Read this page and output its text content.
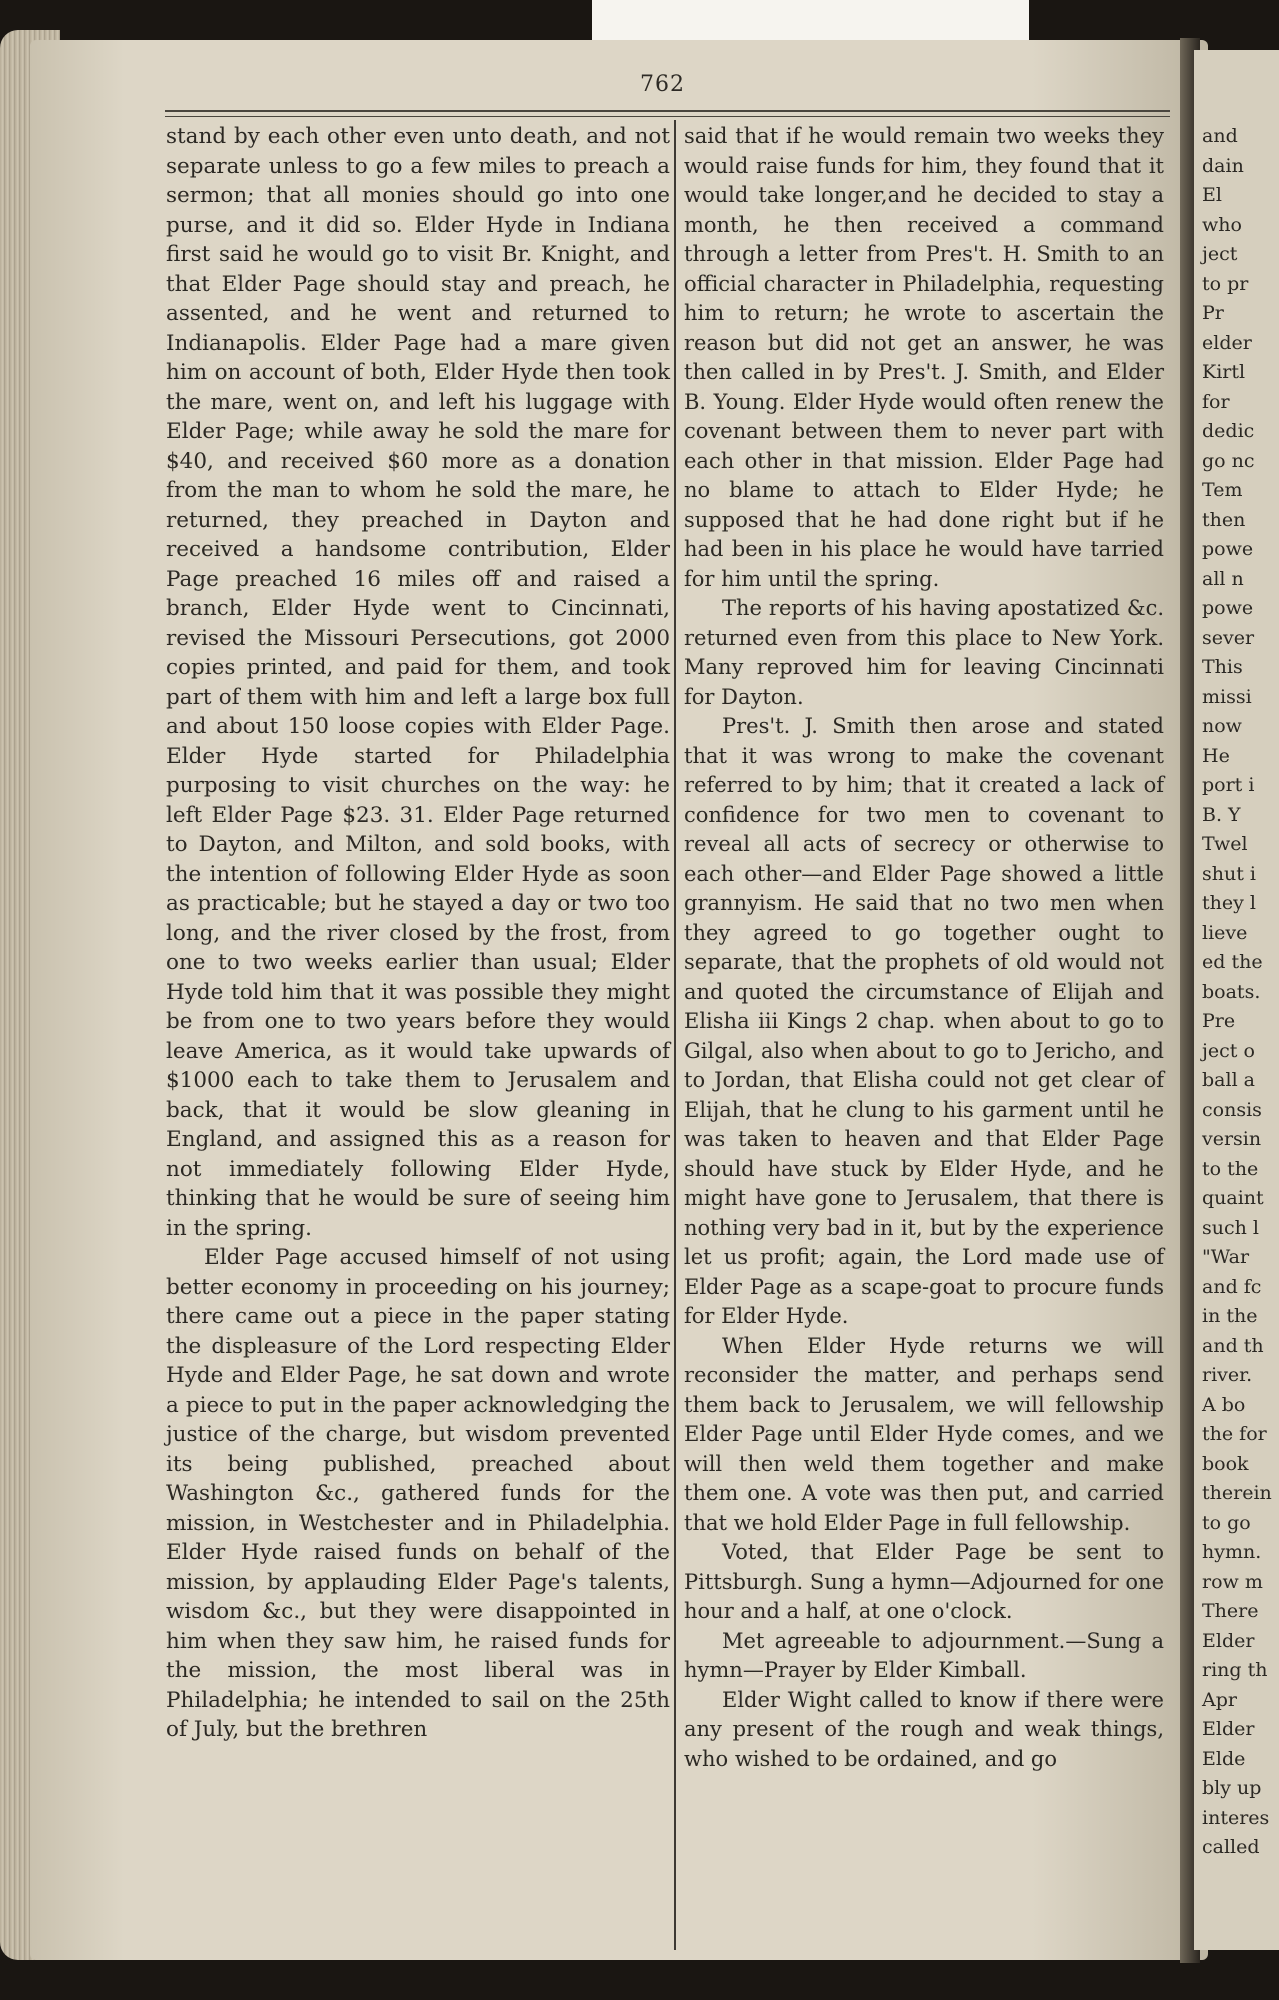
and
dain
El
who
ject
to pr
Pr
elder
Kirtl
for
dedic
go nc
Tem
then
powe
all n
powe
sever
This
missi
now
He
port i
B. Y
Twel
shut i
they l
lieve
ed the
boats.
Pre
ject o
ball a
consis
versin
to the
quaint
such l
"War
and fc
in the
and th
river.
A bo
the for
book
therein
to go
hymn.
row m
There
Elder
ring th
Apr
Elder
Elde
bly up
interes
called
762

stand by each other even unto death, and not separate unless to go a few miles to preach a sermon; that all monies should go into one purse, and it did so. Elder Hyde in Indiana first said he would go to visit Br. Knight, and that Elder Page should stay and preach, he assented, and he went and returned to Indianapolis. Elder Page had a mare given him on account of both, Elder Hyde then took the mare, went on, and left his luggage with Elder Page; while away he sold the mare for $40, and received $60 more as a donation from the man to whom he sold the mare, he returned, they preached in Dayton and received a handsome contribution, Elder Page preached 16 miles off and raised a branch, Elder Hyde went to Cincinnati, revised the Missouri Persecutions, got 2000 copies printed, and paid for them, and took part of them with him and left a large box full and about 150 loose copies with Elder Page. Elder Hyde started for Philadelphia purposing to visit churches on the way: he left Elder Page $23. 31. Elder Page returned to Dayton, and Milton, and sold books, with the intention of following Elder Hyde as soon as practicable; but he stayed a day or two too long, and the river closed by the frost, from one to two weeks earlier than usual; Elder Hyde told him that it was possible they might be from one to two years before they would leave America, as it would take upwards of $1000 each to take them to Jerusalem and back, that it would be slow gleaning in England, and assigned this as a reason for not immediately following Elder Hyde, thinking that he would be sure of seeing him in the spring.

Elder Page accused himself of not using better economy in proceeding on his journey; there came out a piece in the paper stating the displeasure of the Lord respecting Elder Hyde and Elder Page, he sat down and wrote a piece to put in the paper acknowledging the justice of the charge, but wisdom prevented its being published, preached about Washington &c., gathered funds for the mission, in Westchester and in Philadelphia. Elder Hyde raised funds on behalf of the mission, by applauding Elder Page's talents, wisdom &c., but they were disappointed in him when they saw him, he raised funds for the mission, the most liberal was in Philadelphia; he intended to sail on the 25th of July, but the brethren

said that if he would remain two weeks they would raise funds for him, they found that it would take longer,and he decided to stay a month, he then received a command through a letter from Pres't. H. Smith to an official character in Philadelphia, requesting him to return; he wrote to ascertain the reason but did not get an answer, he was then called in by Pres't. J. Smith, and Elder B. Young. Elder Hyde would often renew the covenant between them to never part with each other in that mission. Elder Page had no blame to attach to Elder Hyde; he supposed that he had done right but if he had been in his place he would have tarried for him until the spring.

The reports of his having apostatized &c. returned even from this place to New York. Many reproved him for leaving Cincinnati for Dayton.

Pres't. J. Smith then arose and stated that it was wrong to make the covenant referred to by him; that it created a lack of confidence for two men to covenant to reveal all acts of secrecy or otherwise to each other—and Elder Page showed a little grannyism. He said that no two men when they agreed to go together ought to separate, that the prophets of old would not and quoted the circumstance of Elijah and Elisha iii Kings 2 chap. when about to go to Gilgal, also when about to go to Jericho, and to Jordan, that Elisha could not get clear of Elijah, that he clung to his garment until he was taken to heaven and that Elder Page should have stuck by Elder Hyde, and he might have gone to Jerusalem, that there is nothing very bad in it, but by the experience let us profit; again, the Lord made use of Elder Page as a scape-goat to procure funds for Elder Hyde.

When Elder Hyde returns we will reconsider the matter, and perhaps send them back to Jerusalem, we will fellowship Elder Page until Elder Hyde comes, and we will then weld them together and make them one. A vote was then put, and carried that we hold Elder Page in full fellowship.

Voted, that Elder Page be sent to Pittsburgh. Sung a hymn—Adjourned for one hour and a half, at one o'clock.

Met agreeable to adjournment.—Sung a hymn—Prayer by Elder Kimball.

Elder Wight called to know if there were any present of the rough and weak things, who wished to be ordained, and go
